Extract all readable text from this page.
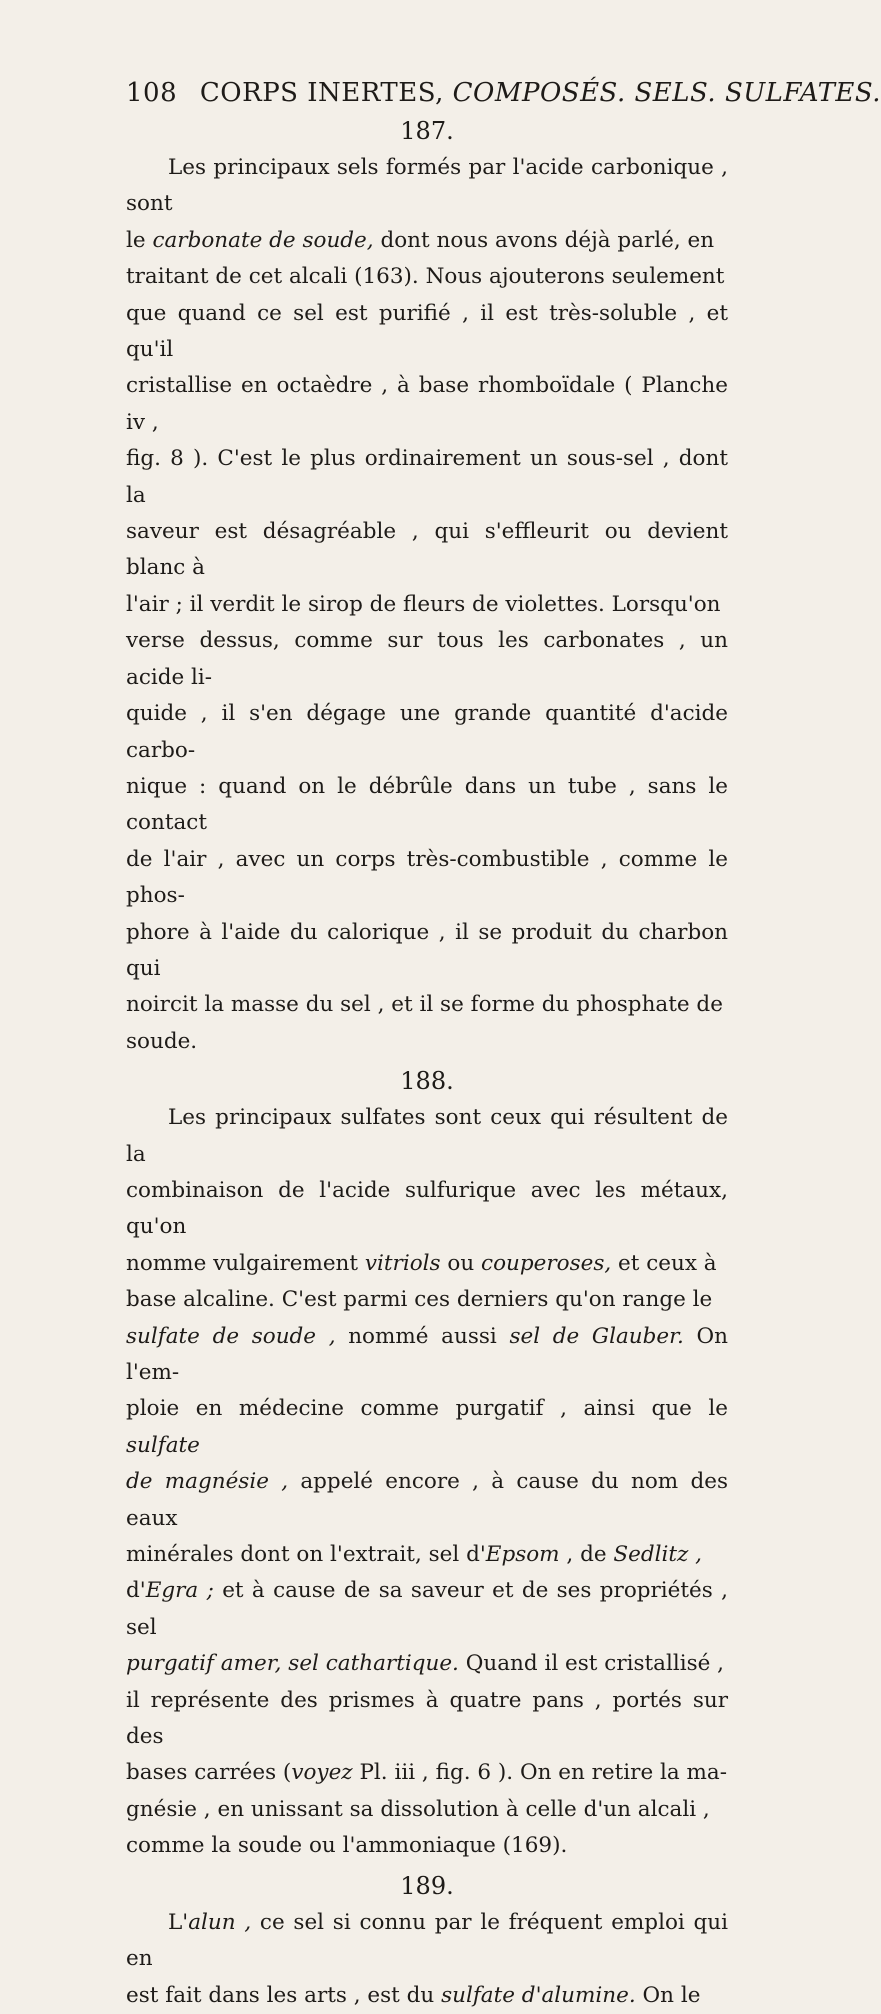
108 CORPS INERTES, COMPOSÉS. SELS. SULFATES.
187.

Les principaux sels formés par l'acide carbonique , sont
le carbonate de soude, dont nous avons déjà parlé, en
traitant de cet alcali (163). Nous ajouterons seulement
que quand ce sel est purifié , il est très-soluble , et qu'il
cristallise en octaèdre , à base rhomboïdale ( Planche iv ,
fig. 8 ). C'est le plus ordinairement un sous-sel , dont la
saveur est désagréable , qui s'effleurit ou devient blanc à
l'air ; il verdit le sirop de fleurs de violettes. Lorsqu'on
verse dessus, comme sur tous les carbonates , un acide li-
quide , il s'en dégage une grande quantité d'acide carbo-
nique : quand on le débrûle dans un tube , sans le contact
de l'air , avec un corps très-combustible , comme le phos-
phore à l'aide du calorique , il se produit du charbon qui
noircit la masse du sel , et il se forme du phosphate de
soude.

188.

Les principaux sulfates sont ceux qui résultent de la
combinaison de l'acide sulfurique avec les métaux, qu'on
nomme vulgairement vitriols ou couperoses, et ceux à
base alcaline. C'est parmi ces derniers qu'on range le
sulfate de soude , nommé aussi sel de Glauber. On l'em-
ploie en médecine comme purgatif , ainsi que le sulfate
de magnésie , appelé encore , à cause du nom des eaux
minérales dont on l'extrait, sel d'Epsom , de Sedlitz ,
d'Egra ; et à cause de sa saveur et de ses propriétés , sel
purgatif amer, sel cathartique. Quand il est cristallisé ,
il représente des prismes à quatre pans , portés sur des
bases carrées (voyez Pl. iii , fig. 6 ). On en retire la ma-
gnésie , en unissant sa dissolution à celle d'un alcali ,
comme la soude ou l'ammoniaque (169).

189.

L'alun , ce sel si connu par le fréquent emploi qui en
est fait dans les arts , est du sulfate d'alumine. On le
